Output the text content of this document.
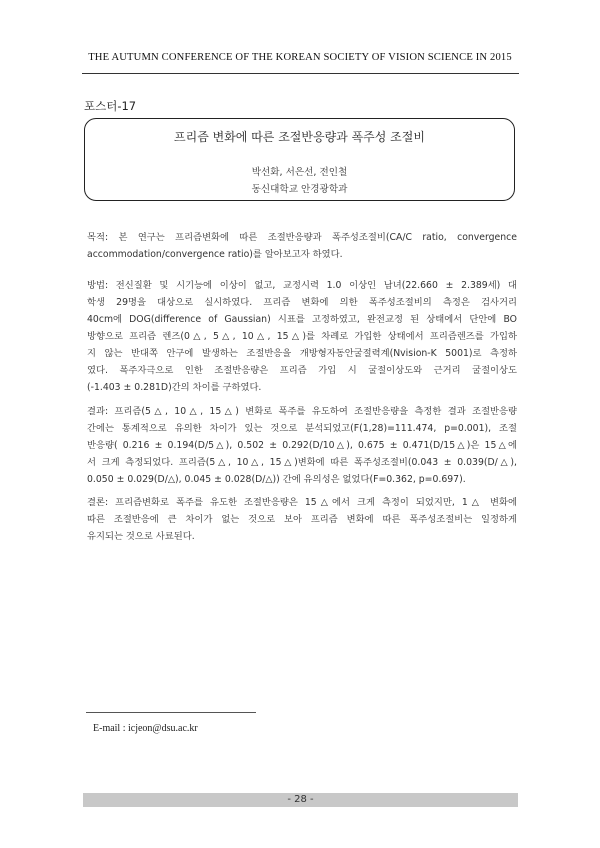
THE AUTUMN CONFERENCE OF THE KOREAN SOCIETY OF VISION SCIENCE IN 2015
포스터-17
프리즘 변화에 따른 조절반응량과 폭주성 조절비
박선화, 서은선, 전인철
동신대학교 안경광학과
목적: 본 연구는 프리즘변화에 따른 조절반응량과 폭주성조절비(CA/C ratio, convergence
accommodation/convergence ratio)를 알아보고자 하였다.
방법: 전신질환 및 시기능에 이상이 없고, 교정시력 1.0 이상인 남녀(22.660 ± 2.389세) 대
학생 29명을 대상으로 실시하였다. 프리즘 변화에 의한 폭주성조절비의 측정은 검사거리
40cm에 DOG(difference of Gaussian) 시표를 고정하였고, 완전교정 된 상태에서 단안에 BO
방향으로 프리즘 렌즈(0△, 5△, 10△, 15△)를 차례로 가입한 상태에서 프리즘렌즈를 가입하
지 않는 반대쪽 안구에 발생하는 조절반응을 개방형자동안굴절력계(Nvision-K 5001)로 측정하
였다. 폭주자극으로 인한 조절반응량은 프리즘 가입 시 굴절이상도와 근거리 굴절이상도
(-1.403 ± 0.281D)간의 차이를 구하였다.
결과: 프리즘(5△, 10△, 15△) 변화로 폭주를 유도하여 조절반응량을 측정한 결과 조절반응량
간에는 통계적으로 유의한 차이가 있는 것으로 분석되었고(F(1,28)=111.474, p=0.001), 조절
반응량( 0.216 ± 0.194(D/5△), 0.502 ± 0.292(D/10△), 0.675 ± 0.471(D/15△)은 15△에
서 크게 측정되었다. 프리즘(5△, 10△, 15△)변화에 따른 폭주성조절비(0.043 ± 0.039(D/△),
0.050 ± 0.029(D/△), 0.045 ± 0.028(D/△)) 간에 유의성은 없었다(F=0.362, p=0.697).
결론: 프리즘변화로 폭주를 유도한 조절반응량은 15△에서 크게 측정이 되었지만, 1△ 변화에
따른 조절반응에 큰 차이가 없는 것으로 보아 프리즘 변화에 따른 폭주성조절비는 일정하게
유지되는 것으로 사료된다.
E-mail : icjeon@dsu.ac.kr
- 28 -
